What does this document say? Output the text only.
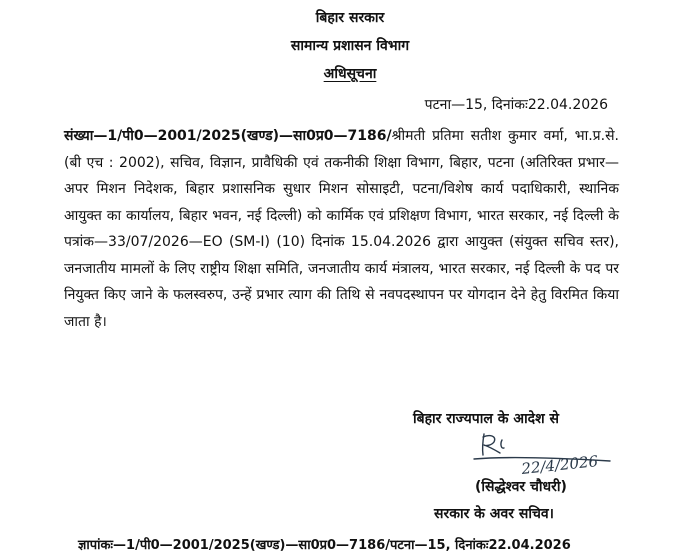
बिहार सरकार
सामान्य प्रशासन विभाग
अधिसूचना
पटना—15, दिनांकः22.04.2026
संख्या—1/पी0—2001/2025(खण्ड)—सा0प्र0—7186/श्रीमती प्रतिमा सतीश कुमार वर्मा, भा.प्र.से. (बी एच : 2002), सचिव, विज्ञान, प्रावैधिकी एवं तकनीकी शिक्षा विभाग, बिहार, पटना (अतिरिक्त प्रभार—अपर मिशन निदेशक, बिहार प्रशासनिक सुधार मिशन सोसाइटी, पटना/विशेष कार्य पदाधिकारी, स्थानिक आयुक्त का कार्यालय, बिहार भवन, नई दिल्ली) को कार्मिक एवं प्रशिक्षण विभाग, भारत सरकार, नई दिल्ली के पत्रांक—33/07/2026—EO (SM-I) (10) दिनांक 15.04.2026 द्वारा आयुक्त (संयुक्त सचिव स्तर), जनजातीय मामलों के लिए राष्ट्रीय शिक्षा समिति, जनजातीय कार्य मंत्रालय, भारत सरकार, नई दिल्ली के पद पर नियुक्त किए जाने के फलस्वरुप, उन्हें प्रभार त्याग की तिथि से नवपदस्थापन पर योगदान देने हेतु विरमित किया जाता है।
बिहार राज्यपाल के आदेश से
22/4/2026
(सिद्धेश्वर चौधरी)
सरकार के अवर सचिव।
ज्ञापांकः—1/पी0—2001/2025(खण्ड)—सा0प्र0—7186/पटना—15, दिनांकः22.04.2026
